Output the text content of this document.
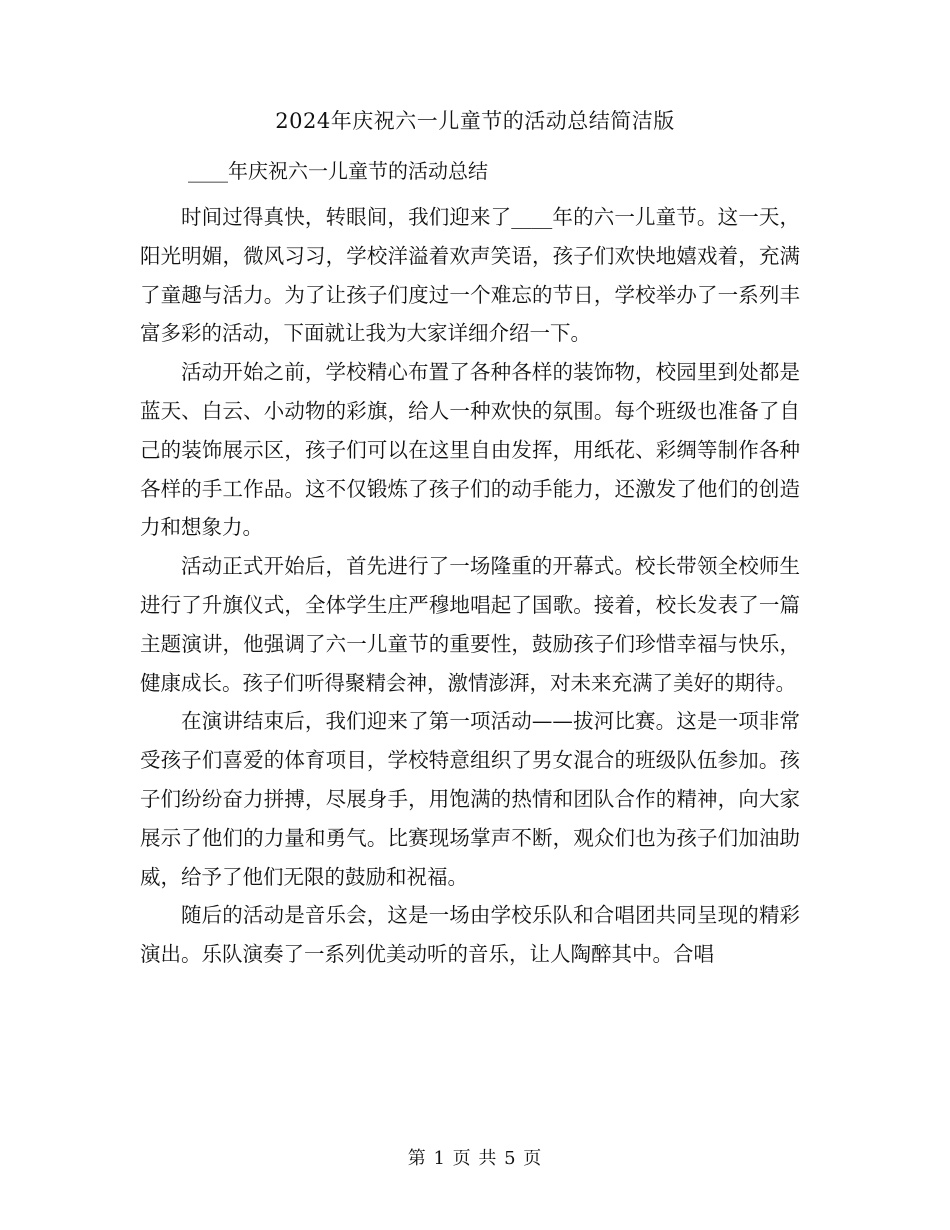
2024年庆祝六一儿童节的活动总结简洁版
____年庆祝六一儿童节的活动总结

时间过得真快，转眼间，我们迎来了____年的六一儿童节。这一天，阳光明媚，微风习习，学校洋溢着欢声笑语，孩子们欢快地嬉戏着，充满了童趣与活力。为了让孩子们度过一个难忘的节日，学校举办了一系列丰富多彩的活动，下面就让我为大家详细介绍一下。

活动开始之前，学校精心布置了各种各样的装饰物，校园里到处都是蓝天、白云、小动物的彩旗，给人一种欢快的氛围。每个班级也准备了自己的装饰展示区，孩子们可以在这里自由发挥，用纸花、彩绸等制作各种各样的手工作品。这不仅锻炼了孩子们的动手能力，还激发了他们的创造力和想象力。

活动正式开始后，首先进行了一场隆重的开幕式。校长带领全校师生进行了升旗仪式，全体学生庄严穆地唱起了国歌。接着，校长发表了一篇主题演讲，他强调了六一儿童节的重要性，鼓励孩子们珍惜幸福与快乐，健康成长。孩子们听得聚精会神，激情澎湃，对未来充满了美好的期待。

在演讲结束后，我们迎来了第一项活动——拔河比赛。这是一项非常受孩子们喜爱的体育项目，学校特意组织了男女混合的班级队伍参加。孩子们纷纷奋力拼搏，尽展身手，用饱满的热情和团队合作的精神，向大家展示了他们的力量和勇气。比赛现场掌声不断，观众们也为孩子们加油助威，给予了他们无限的鼓励和祝福。

随后的活动是音乐会，这是一场由学校乐队和合唱团共同呈现的精彩演出。乐队演奏了一系列优美动听的音乐，让人陶醉其中。合唱

第 1 页 共 5 页
